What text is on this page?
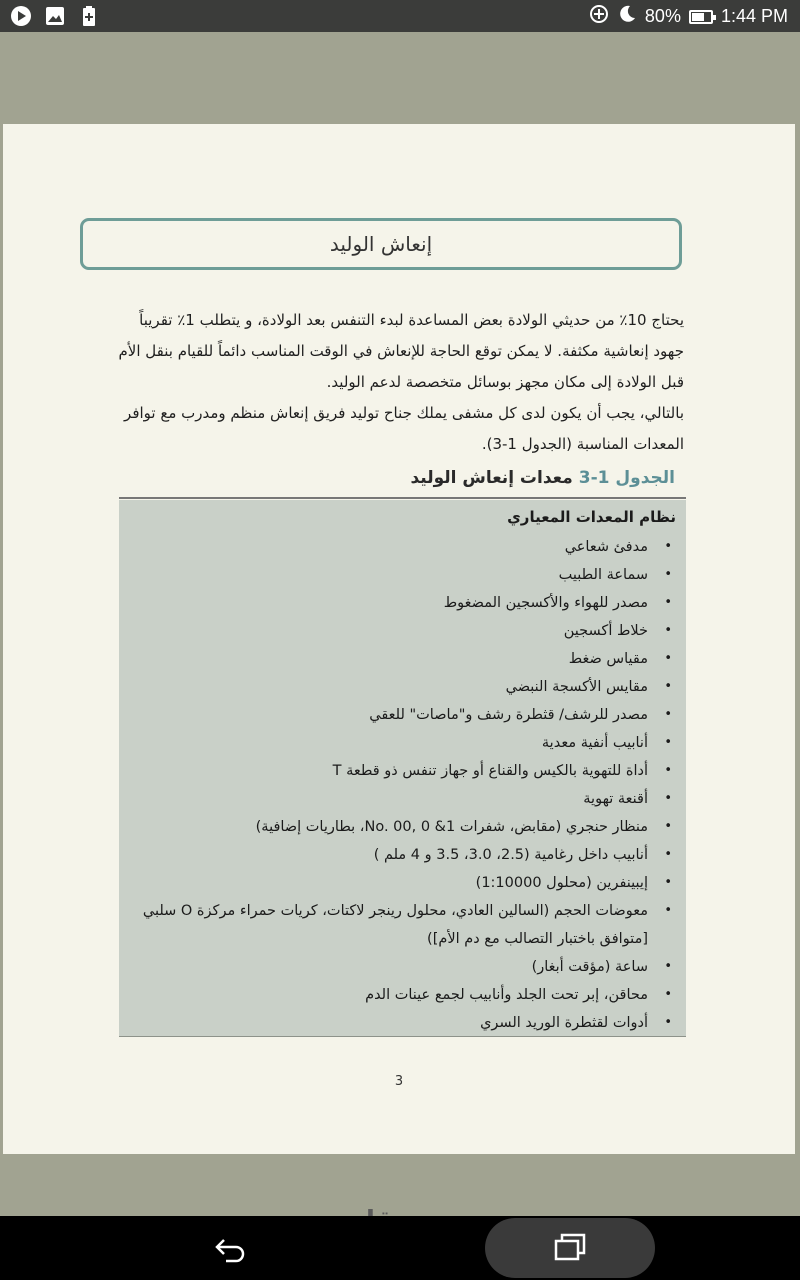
80% 1:44 PM
إنعاش الوليد
يحتاج 10٪ من حديثي الولادة بعض المساعدة لبدء التنفس بعد الولادة، و يتطلب 1٪ تقريباً
جهود إنعاشية مكثفة. لا يمكن توقع الحاجة للإنعاش في الوقت المناسب دائماً للقيام بنقل الأم
قبل الولادة إلى مكان مجهز بوسائل متخصصة لدعم الوليد.
بالتالي، يجب أن يكون لدى كل مشفى يملك جناح توليد فريق إنعاش منظم ومدرب مع توافر
المعدات المناسبة (الجدول 1-3).
الجدول 1-3 معدات إنعاش الوليد
نظام المعدات المعياري
•
مدفئ شعاعي
•
سماعة الطبيب
•
مصدر للهواء والأكسجين المضغوط
•
خلاط أكسجين
•
مقياس ضغط
•
مقايس الأكسجة النبضي
•
مصدر للرشف/ قثطرة رشف و"ماصات" للعقي
•
أنابيب أنفية معدية
•
أداة للتهوية بالكيس والقناع أو جهاز تنفس ذو قطعة T
•
أقنعة تهوية
•
منظار حنجري (مقابض، شفرات 1& No. 00, 0، بطاريات إضافية)
•
أنابيب داخل رغامية (2.5، 3.0، 3.5 و 4 ملم )
•
إيبينفرين (محلول 1:10000)
•
معوضات الحجم (السالين العادي، محلول رينجر لاكتات، كريات حمراء مركزة O سلبي
[متوافق باختبار التصالب مع دم الأم])
•
ساعة (مؤقت أبغار)
•
محاقن، إبر تحت الجلد وأنابيب لجمع عينات الدم
•
أدوات لقثطرة الوريد السري
3
